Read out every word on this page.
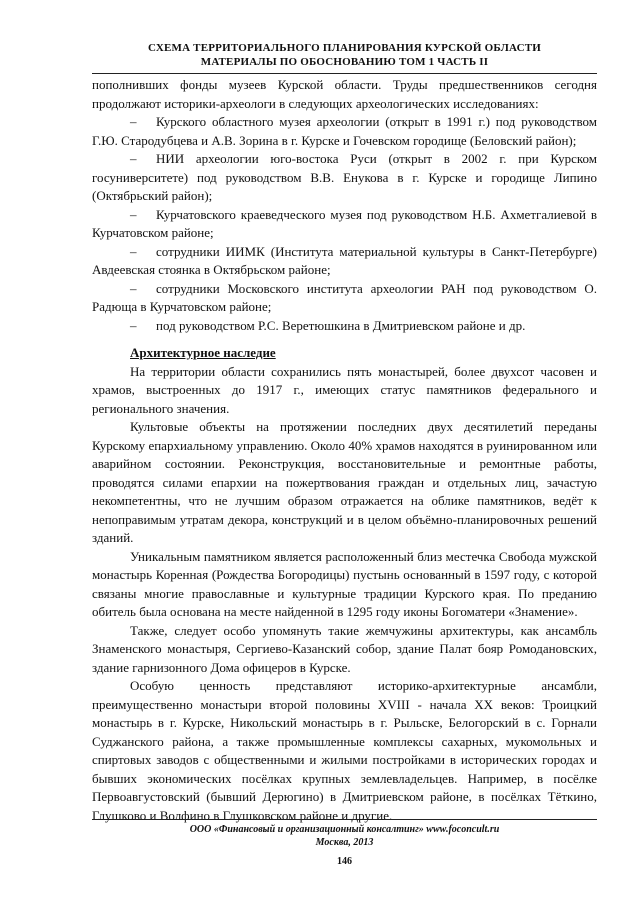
СХЕМА ТЕРРИТОРИАЛЬНОГО ПЛАНИРОВАНИЯ КУРСКОЙ ОБЛАСТИ
МАТЕРИАЛЫ ПО ОБОСНОВАНИЮ ТОМ 1 ЧАСТЬ II

пополнивших фонды музеев Курской области. Труды предшественников сегодня продолжают историки-археологи в следующих археологических исследованиях:

– Курского областного музея археологии (открыт в 1991 г.) под руководством Г.Ю. Стародубцева и А.В. Зорина в г. Курске и Гочевском городище (Беловский район);

– НИИ археологии юго-востока Руси (открыт в 2002 г. при Курском госуниверситете) под руководством В.В. Енукова в г. Курске и городище Липино (Октябрьский район);

– Курчатовского краеведческого музея под руководством Н.Б. Ахметгалиевой в Курчатовском районе;

– сотрудники ИИМК (Института материальной культуры в Санкт-Петербурге) Авдеевская стоянка в Октябрьском районе;

– сотрудники Московского института археологии РАН под руководством О. Радюща в Курчатовском районе;

– под руководством Р.С. Веретюшкина в Дмитриевском районе и др.

Архитектурное наследие

На территории области сохранились пять монастырей, более двухсот часовен и храмов, выстроенных до 1917 г., имеющих статус памятников федерального и регионального значения.

Культовые объекты на протяжении последних двух десятилетий переданы Курскому епархиальному управлению. Около 40% храмов находятся в руинированном или аварийном состоянии. Реконструкция, восстановительные и ремонтные работы, проводятся силами епархии на пожертвования граждан и отдельных лиц, зачастую некомпетентны, что не лучшим образом отражается на облике памятников, ведёт к непоправимым утратам декора, конструкций и в целом объёмно-планировочных решений зданий.

Уникальным памятником является расположенный близ местечка Свобода мужской монастырь Коренная (Рождества Богородицы) пустынь основанный в 1597 году, с которой связаны многие православные и культурные традиции Курского края. По преданию обитель была основана на месте найденной в 1295 году иконы Богоматери «Знамение».

Также, следует особо упомянуть такие жемчужины архитектуры, как ансамбль Знаменского монастыря, Сергиево-Казанский собор, здание Палат бояр Ромодановских, здание гарнизонного Дома офицеров в Курске.

Особую ценность представляют историко-архитектурные ансамбли, преимущественно монастыри второй половины XVIII - начала XX веков: Троицкий монастырь в г. Курске, Никольский монастырь в г. Рыльске, Белогорский в с. Горнали Суджанского района, а также промышленные комплексы сахарных, мукомольных и спиртовых заводов с общественными и жилыми постройками в исторических городах и бывших экономических посёлках крупных землевладельцев. Например, в посёлке Первоавгустовский (бывший Дерюгино) в Дмитриевском районе, в посёлках Тёткино, Глушково и Волфино в Глушковском районе и другие.

ООО «Финансовый и организационный консалтинг» www.foconcult.ru
Москва, 2013
146
